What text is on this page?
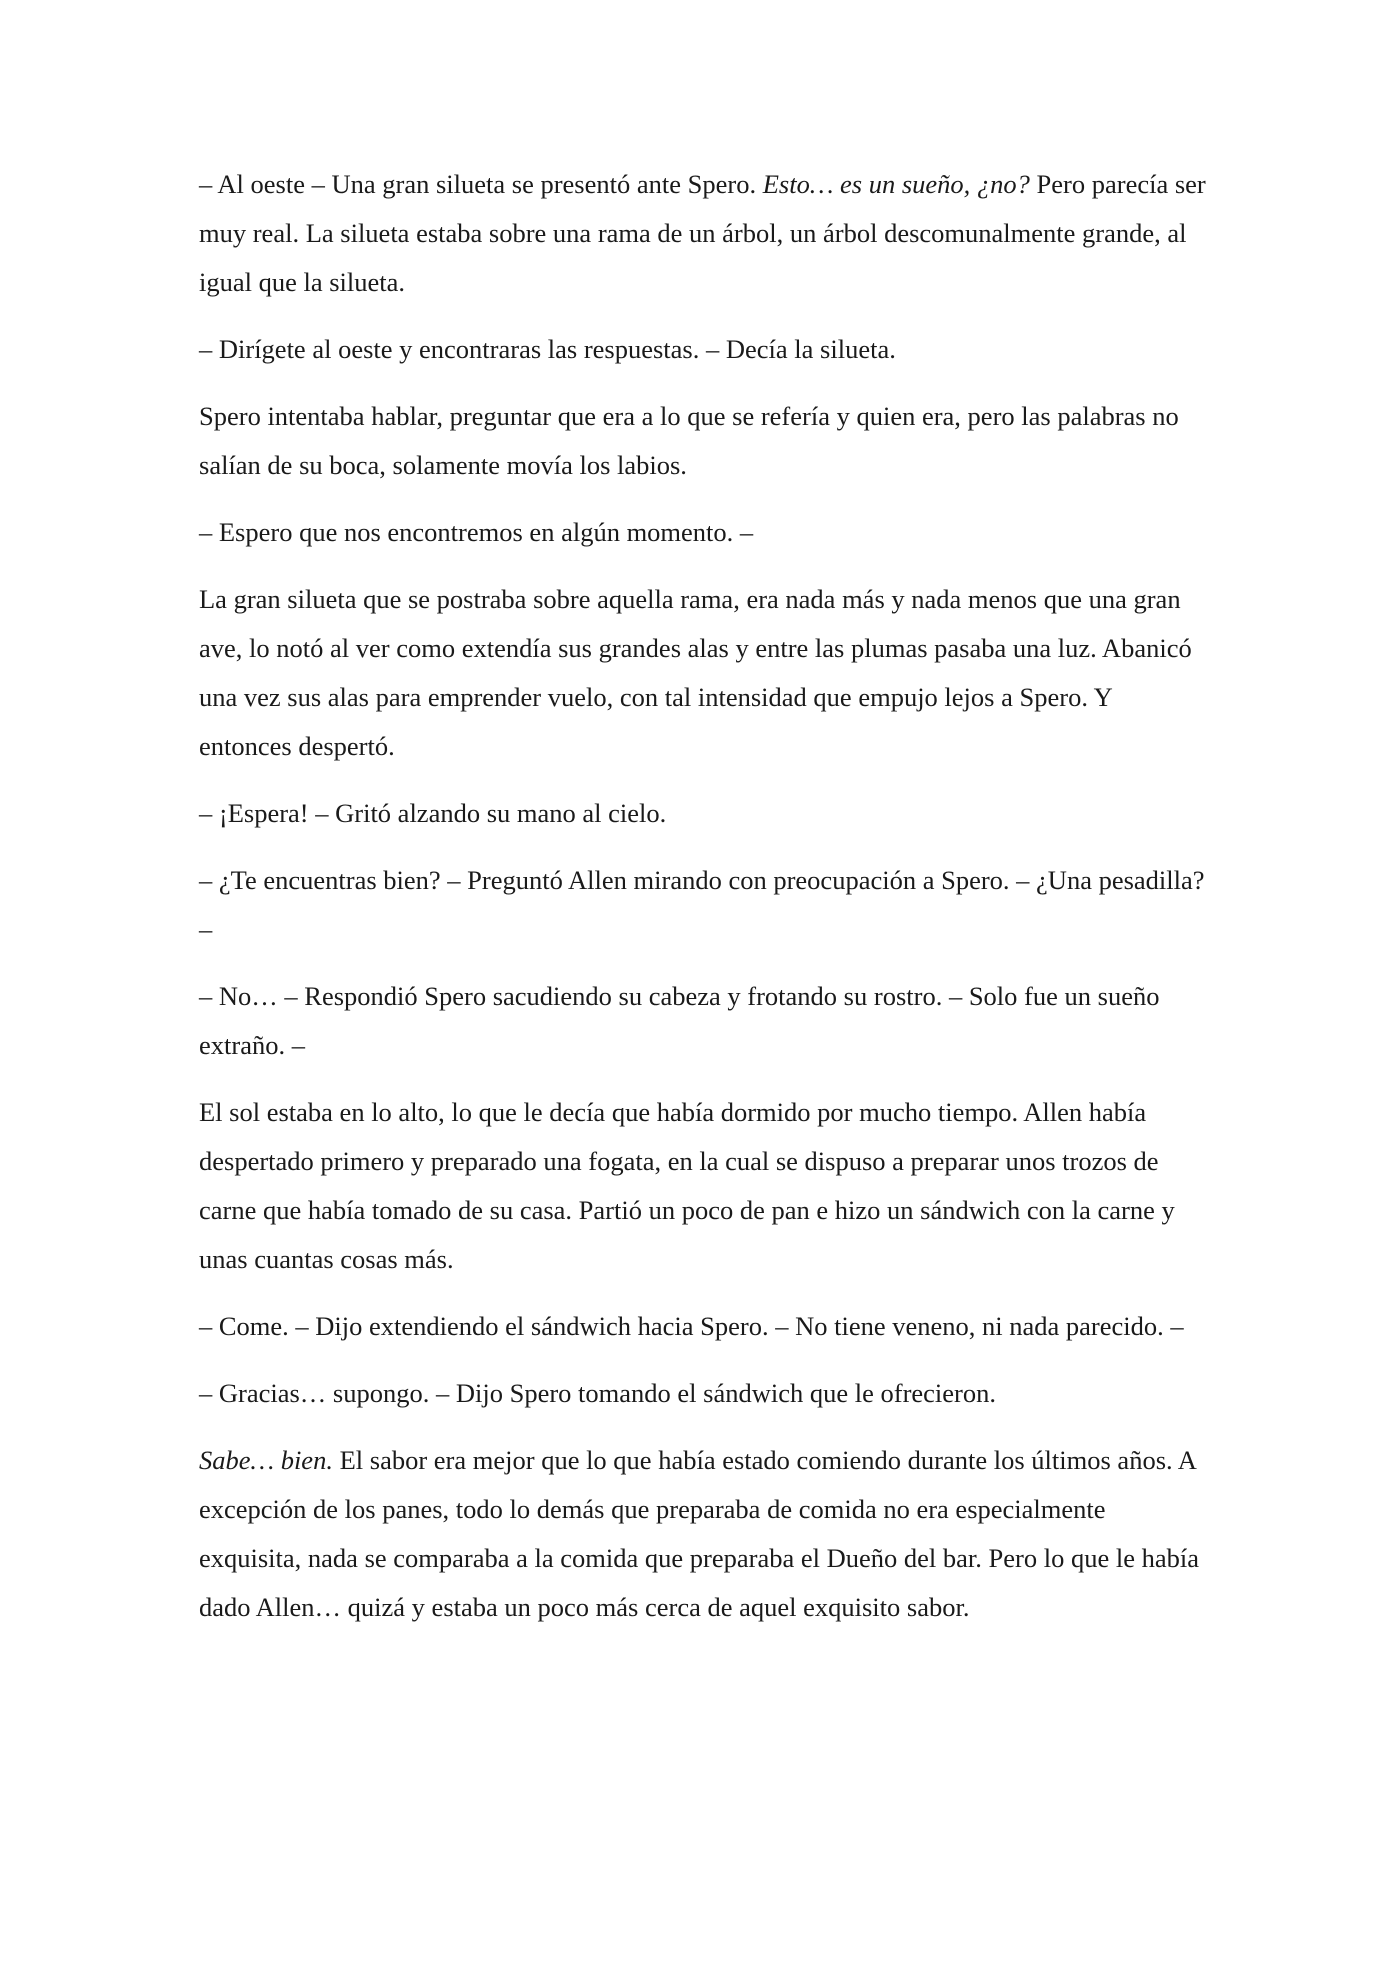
– Al oeste – Una gran silueta se presentó ante Spero. Esto… es un sueño, ¿no? Pero parecía ser muy real. La silueta estaba sobre una rama de un árbol, un árbol descomunalmente grande, al igual que la silueta.

– Dirígete al oeste y encontraras las respuestas. – Decía la silueta.

Spero intentaba hablar, preguntar que era a lo que se refería y quien era, pero las palabras no salían de su boca, solamente movía los labios.

– Espero que nos encontremos en algún momento. –

La gran silueta que se postraba sobre aquella rama, era nada más y nada menos que una gran ave, lo notó al ver como extendía sus grandes alas y entre las plumas pasaba una luz. Abanicó una vez sus alas para emprender vuelo, con tal intensidad que empujo lejos a Spero. Y entonces despertó.

– ¡Espera! – Gritó alzando su mano al cielo.

– ¿Te encuentras bien? – Preguntó Allen mirando con preocupación a Spero. – ¿Una pesadilla? –

– No… – Respondió Spero sacudiendo su cabeza y frotando su rostro. – Solo fue un sueño extraño. –

El sol estaba en lo alto, lo que le decía que había dormido por mucho tiempo. Allen había despertado primero y preparado una fogata, en la cual se dispuso a preparar unos trozos de carne que había tomado de su casa. Partió un poco de pan e hizo un sándwich con la carne y unas cuantas cosas más.

– Come. – Dijo extendiendo el sándwich hacia Spero. – No tiene veneno, ni nada parecido. –

– Gracias… supongo. – Dijo Spero tomando el sándwich que le ofrecieron.

Sabe… bien. El sabor era mejor que lo que había estado comiendo durante los últimos años. A excepción de los panes, todo lo demás que preparaba de comida no era especialmente exquisita, nada se comparaba a la comida que preparaba el Dueño del bar. Pero lo que le había dado Allen… quizá y estaba un poco más cerca de aquel exquisito sabor.
